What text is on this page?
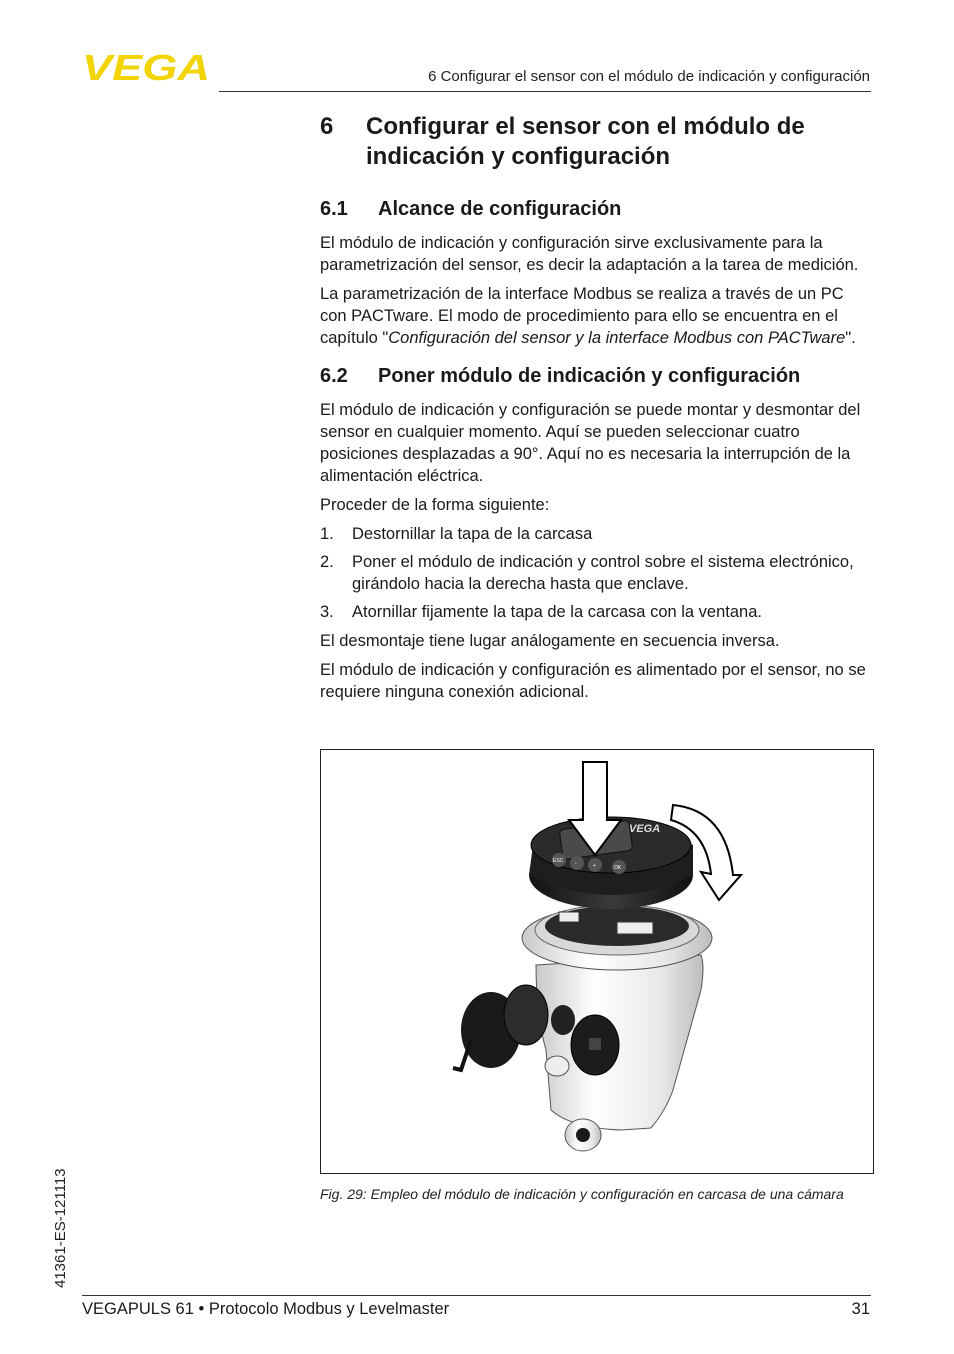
VEGA	6 Configurar el sensor con el módulo de indicación y configuración
6	Configurar el sensor con el módulo de indicación y configuración
6.1	Alcance de configuración

El módulo de indicación y configuración sirve exclusivamente para la parametrización del sensor, es decir la adaptación a la tarea de medición.

La parametrización de la interface Modbus se realiza a través de un PC con PACTware. El modo de procedimiento para ello se encuentra en el capítulo "Configuración del sensor y la interface Modbus con PACTware".

6.2	Poner módulo de indicación y configuración

El módulo de indicación y configuración se puede montar y desmontar del sensor en cualquier momento. Aquí se pueden seleccionar cuatro posiciones desplazadas a 90°. Aquí no es necesaria la interrupción de la alimentación eléctrica.

Proceder de la forma siguiente:

1.	Destornillar la tapa de la carcasa
2.	Poner el módulo de indicación y control sobre el sistema electrónico, girándolo hacia la derecha hasta que enclave.
3.	Atornillar fijamente la tapa de la carcasa con la ventana.

El desmontaje tiene lugar análogamente en secuencia inversa.

El módulo de indicación y configuración es alimentado por el sensor, no se requiere ninguna conexión adicional.

VEGA
ESC -	+	OK
Fig. 29: Empleo del módulo de indicación y configuración en carcasa de una cámara
41361-ES-121113
VEGAPULS 61 • Protocolo Modbus y Levelmaster	31
